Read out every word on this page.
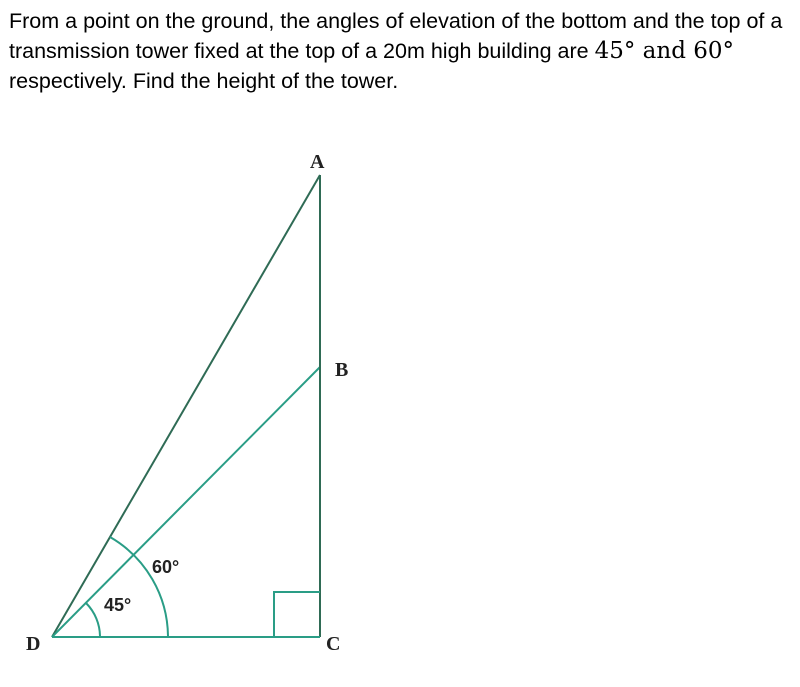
From a point on the ground, the angles of elevation of the bottom and the top of a transmission tower fixed at the top of a 20m high building are 45° and 60° respectively. Find the height of the tower.
A
B
C
D
60°
45°
